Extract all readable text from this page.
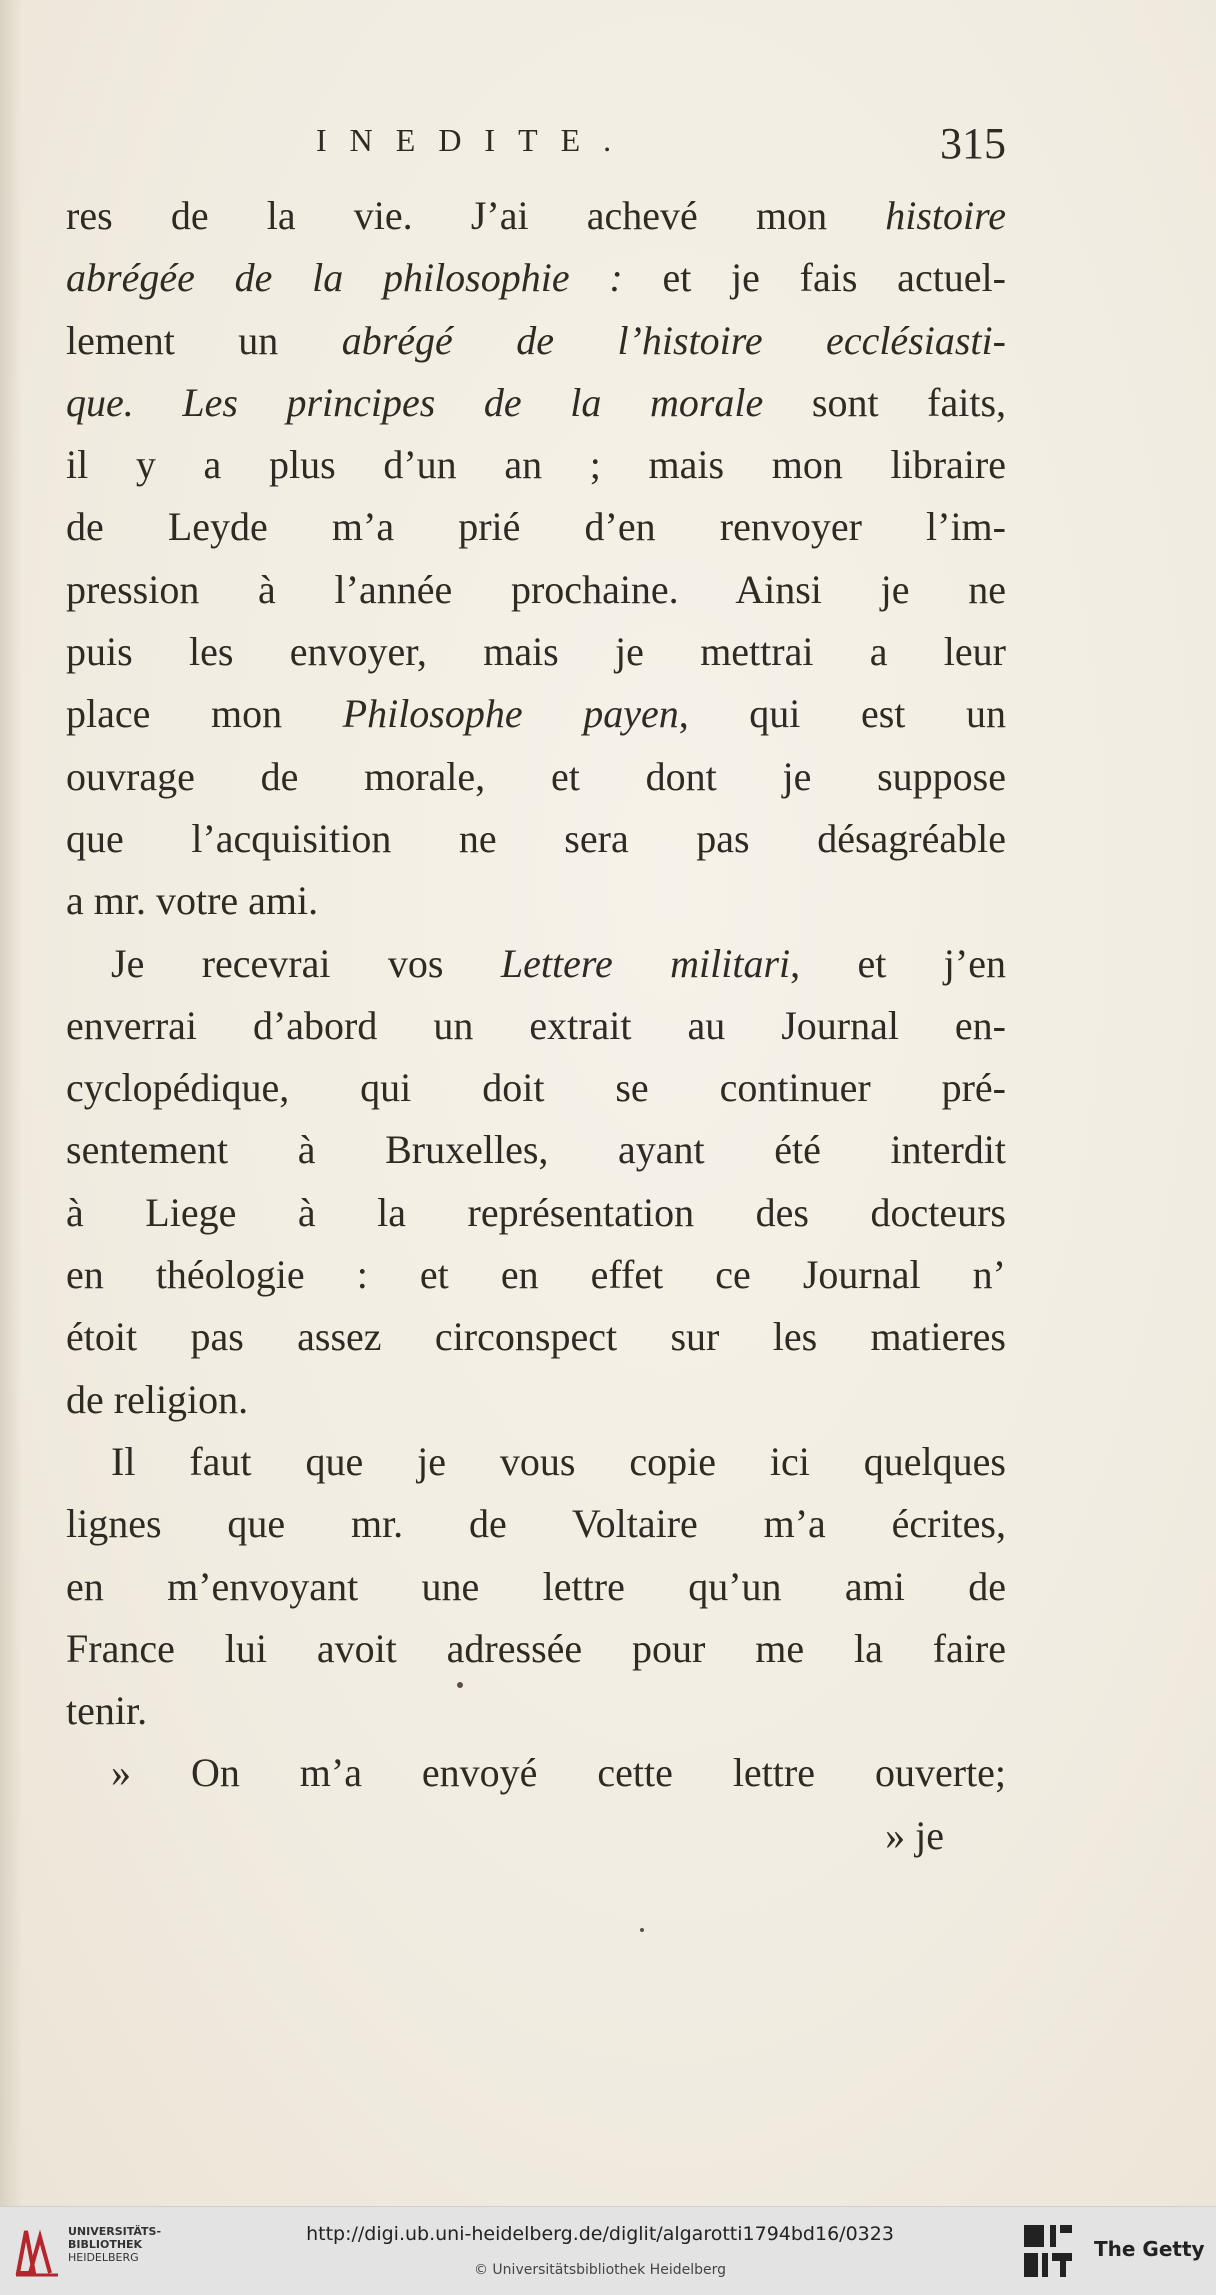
INEDITE.	315
res de la vie. J’ai achevé mon histoire
abrégée de la philosophie : et je fais actuel-
lement un abrégé de l’histoire ecclésiasti-
que. Les principes de la morale sont faits,
il y a plus d’un an ; mais mon libraire
de Leyde m’a prié d’en renvoyer l’im-
pression à l’année prochaine. Ainsi je ne
puis les envoyer, mais je mettrai a leur
place mon Philosophe payen, qui est un
ouvrage de morale, et dont je suppose
que l’acquisition ne sera pas désagréable
a mr. votre ami.
Je recevrai vos Lettere militari, et j’en
enverrai d’abord un extrait au Journal en-
cyclopédique, qui doit se continuer pré-
sentement à Bruxelles, ayant été interdit
à Liege à la représentation des docteurs
en théologie : et en effet ce Journal n’
étoit pas assez circonspect sur les matieres
de religion.
Il faut que je vous copie ici quelques
lignes que mr. de Voltaire m’a écrites,
en m’envoyant une lettre qu’un ami de
France lui avoit adressée pour me la faire
tenir.
» On m’a envoyé cette lettre ouverte;
» je
UNIVERSITÄTS-
BIBLIOTHEK
HEIDELBERG
http://digi.ub.uni-heidelberg.de/diglit/algarotti1794bd16/0323
© Universitätsbibliothek Heidelberg
The Getty
